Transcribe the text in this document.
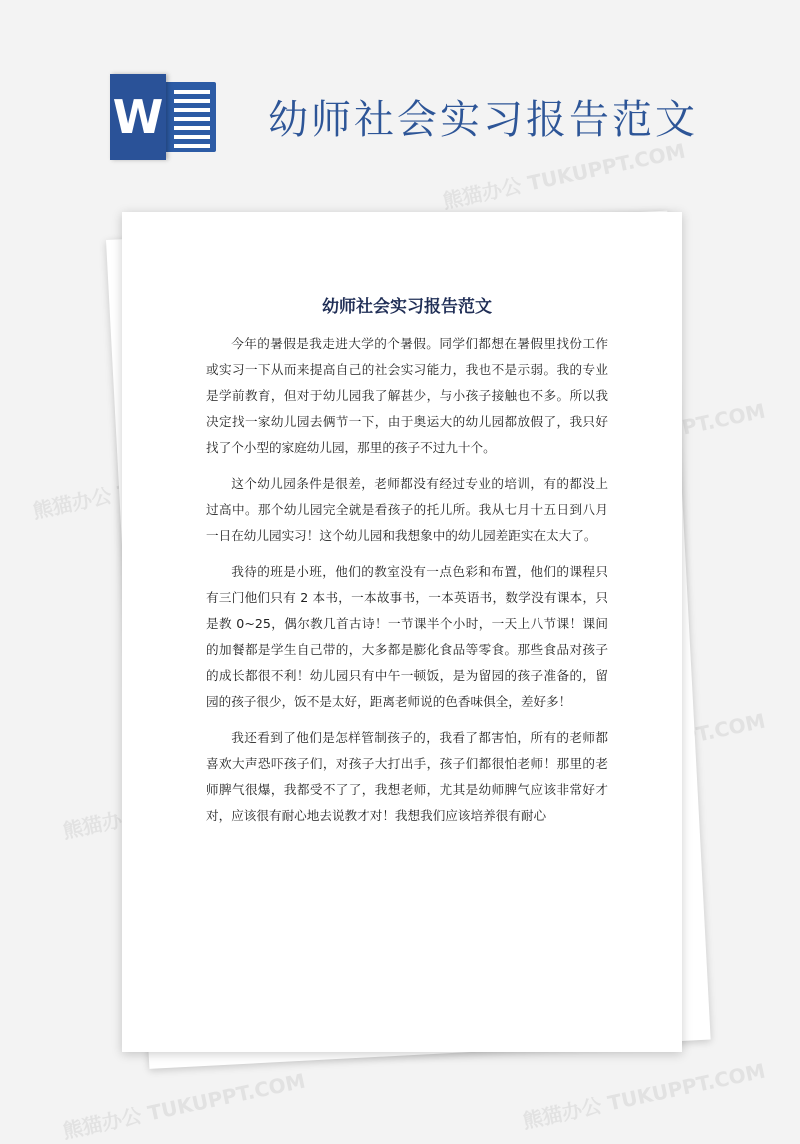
W	幼师社会实习报告范文
熊猫办公 TUKUPPT.COM
熊猫办公
TUKUPPT.COM
熊猫办公
熊猫办公 TUKUPPT.COM	熊猫办公 TUKUPPT.COM
幼师社会实习报告范文

今年的暑假是我走进大学的个暑假。同学们都想在暑假里找份工作或实习一下从而来提高自己的社会实习能力，我也不是示弱。我的专业是学前教育，但对于幼儿园我了解甚少，与小孩子接触也不多。所以我决定找一家幼儿园去俩节一下，由于奥运大的幼儿园都放假了，我只好找了个小型的家庭幼儿园，那里的孩子不过九十个。

这个幼儿园条件是很差，老师都没有经过专业的培训，有的都没上过高中。那个幼儿园完全就是看孩子的托儿所。我从七月十五日到八月一日在幼儿园实习！这个幼儿园和我想象中的幼儿园差距实在太大了。

我待的班是小班，他们的教室没有一点色彩和布置，他们的课程只有三门他们只有 2 本书，一本故事书，一本英语书，数学没有课本，只是教 0~25，偶尔教几首古诗！一节课半个小时，一天上八节课！课间的加餐都是学生自己带的，大多都是膨化食品等零食。那些食品对孩子的成长都很不利！幼儿园只有中午一顿饭，是为留园的孩子准备的，留园的孩子很少，饭不是太好，距离老师说的色香味俱全，差好多！

我还看到了他们是怎样管制孩子的，我看了都害怕，所有的老师都喜欢大声恐吓孩子们，对孩子大打出手，孩子们都很怕老师！那里的老师脾气很爆，我都受不了了，我想老师，尤其是幼师脾气应该非常好才对，应该很有耐心地去说教才对！我想我们应该培养很有耐心
